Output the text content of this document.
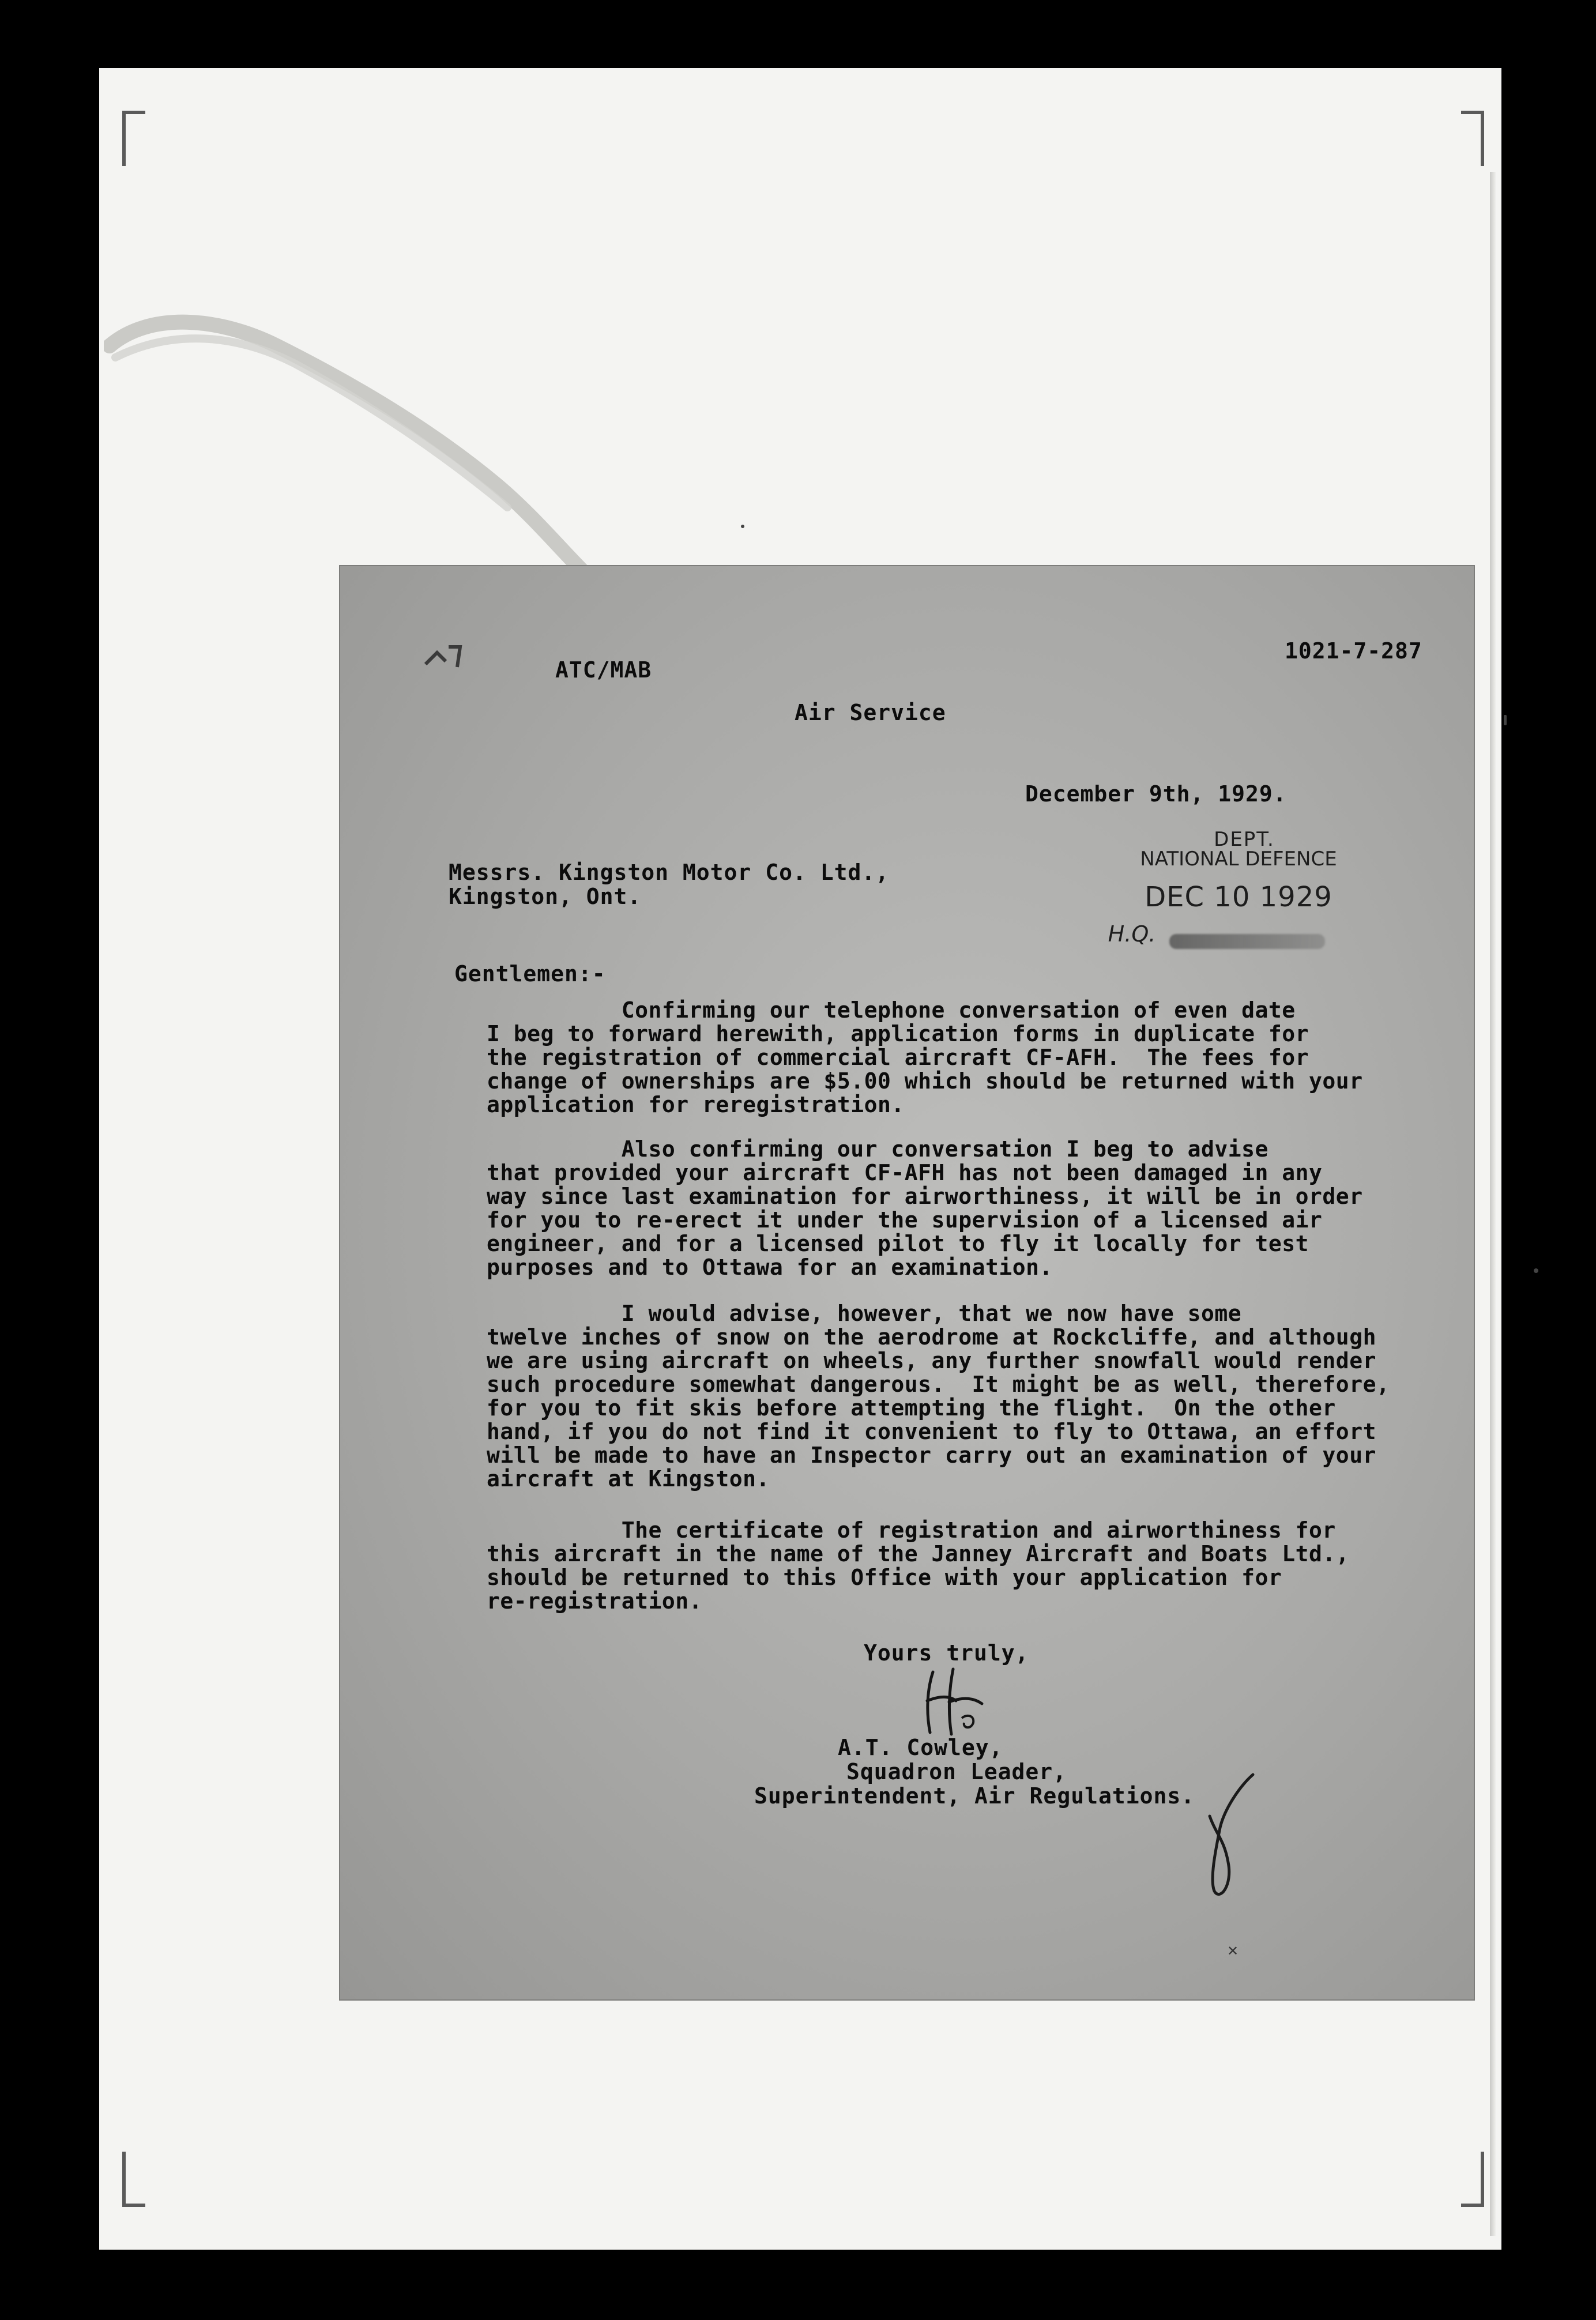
ATC/MAB
1021-7-287
Air Service
December 9th, 1929.
Messrs. Kingston Motor Co. Ltd.,
Kingston, Ont.
DEPT.
NATIONAL DEFENCE
DEC 10 1929
H.Q.
Gentlemen:-
Confirming our telephone conversation of even date
I beg to forward herewith, application forms in duplicate for
the registration of commercial aircraft CF-AFH.  The fees for
change of ownerships are $5.00 which should be returned with your
application for reregistration.
Also confirming our conversation I beg to advise
that provided your aircraft CF-AFH has not been damaged in any
way since last examination for airworthiness, it will be in order
for you to re-erect it under the supervision of a licensed air
engineer, and for a licensed pilot to fly it locally for test
purposes and to Ottawa for an examination.
I would advise, however, that we now have some
twelve inches of snow on the aerodrome at Rockcliffe, and although
we are using aircraft on wheels, any further snowfall would render
such procedure somewhat dangerous.  It might be as well, therefore,
for you to fit skis before attempting the flight.  On the other
hand, if you do not find it convenient to fly to Ottawa, an effort
will be made to have an Inspector carry out an examination of your
aircraft at Kingston.
The certificate of registration and airworthiness for
this aircraft in the name of the Janney Aircraft and Boats Ltd.,
should be returned to this Office with your application for
re-registration.
Yours truly,
A.T. Cowley,
Squadron Leader,
Superintendent, Air Regulations.
✕
